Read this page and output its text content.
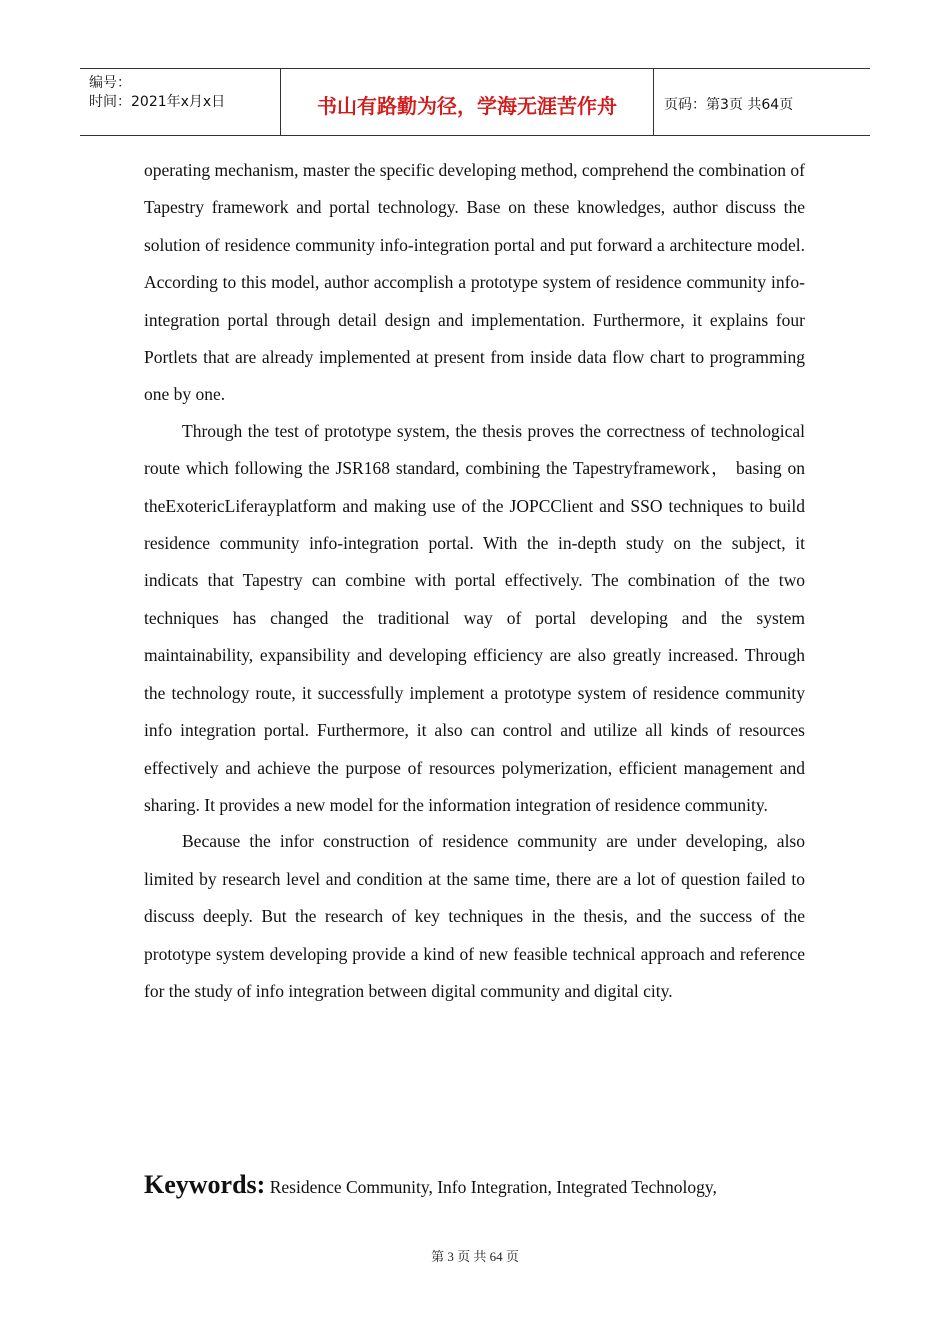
编号：
时间：2021年x月x日	书山有路勤为径，学海无涯苦作舟	页码：第3页 共64页

operating mechanism, master the specific developing method, comprehend the combination of Tapestry framework and portal technology. Base on these knowledges, author discuss the solution of residence community info-integration portal and put forward a architecture model. According to this model, author accomplish a prototype system of residence community info-integration portal through detail design and implementation. Furthermore, it explains four Portlets that are already implemented at present from inside data flow chart to programming one by one.

Through the test of prototype system, the thesis proves the correctness of technological route which following the JSR168 standard, combining the Tapestryframework， basing on theExotericLiferayplatform and making use of the JOPCClient and SSO techniques to build residence community info-integration portal. With the in-depth study on the subject, it indicats that Tapestry can combine with portal effectively. The combination of the two techniques has changed the traditional way of portal developing and the system maintainability, expansibility and developing efficiency are also greatly increased. Through the technology route, it successfully implement a prototype system of residence community info integration portal. Furthermore, it also can control and utilize all kinds of resources effectively and achieve the purpose of resources polymerization, efficient management and sharing. It provides a new model for the information integration of residence community.

Because the infor construction of residence community are under developing, also limited by research level and condition at the same time, there are a lot of question failed to discuss deeply. But the research of key techniques in the thesis, and the success of the prototype system developing provide a kind of new feasible technical approach and reference for the study of info integration between digital community and digital city.

Keywords: Residence Community, Info Integration, Integrated Technology,
第 3 页 共 64 页
